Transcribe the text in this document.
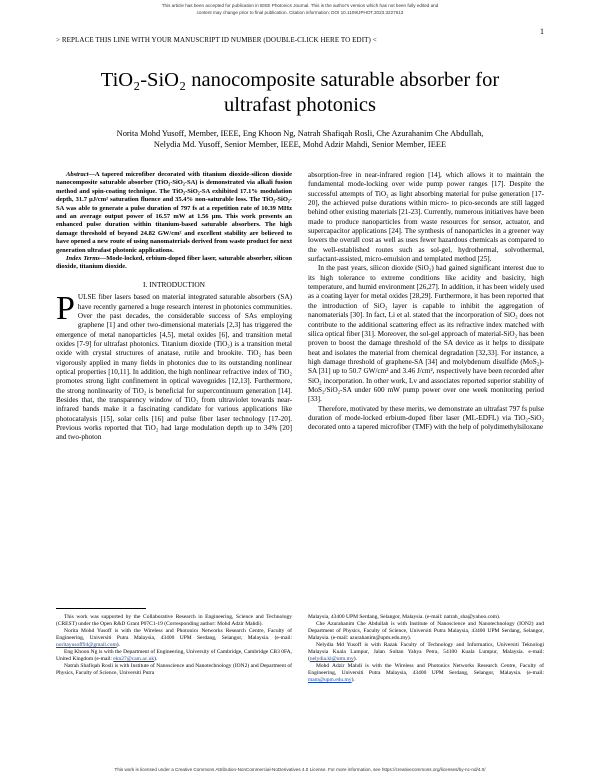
This article has been accepted for publication in IEEE Photonics Journal. This is the author's version which has not been fully edited and
content may change prior to final publication. Citation information: DOI 10.1109/JPHOT.2023.3227513
1
> REPLACE THIS LINE WITH YOUR MANUSCRIPT ID NUMBER (DOUBLE-CLICK HERE TO EDIT) <
TiO₂-SiO₂ nanocomposite saturable absorber for
ultrafast photonics
Norita Mohd Yusoff, Member, IEEE, Eng Khoon Ng, Natrah Shafiqah Rosli, Che Azurahanim Che Abdullah,
Nelydia Md. Yusoff, Senior Member, IEEE, Mohd Adzir Mahdi, Senior Member, IEEE

Abstract—A tapered microfiber decorated with titanium dioxide-silicon dioxide nanocomposite saturable absorber (TiO₂-SiO₂-SA) is demonstrated via alkali fusion method and spin-coating technique. The TiO₂-SiO₂-SA exhibited 17.1% modulation depth, 31.7 µJ/cm² saturation fluence and 35.4% non-saturable loss. The TiO₂-SiO₂-SA was able to generate a pulse duration of 797 fs at a repetition rate of 10.39 MHz and an average output power of 16.57 mW at 1.56 µm. This work presents an enhanced pulse duration within titanium-based saturable absorbers. The high damage threshold of beyond 24.82 GW/cm² and excellent stability are believed to have opened a new route of using nanomaterials derived from waste product for next generation ultrafast photonic applications.

Index Terms—Mode-locked, erbium-doped fiber laser, saturable absorber, silicon dioxide, titanium dioxide.

I. INTRODUCTION

PULSE fiber lasers based on material integrated saturable absorbers (SA) have recently garnered a huge research interest in photonics communities. Over the past decades, the considerable success of SAs employing graphene [1] and other two-dimensional materials [2,3] has triggered the emergence of metal nanoparticles [4,5], metal oxides [6], and transition metal oxides [7-9] for ultrafast photonics. Titanium dioxide (TiO₂) is a transition metal oxide with crystal structures of anatase, rutile and brookite. TiO₂ has been vigorously applied in many fields in photonics due to its outstanding nonlinear optical properties [10,11]. In addition, the high nonlinear refractive index of TiO₂ promotes strong light confinement in optical waveguides [12,13]. Furthermore, the strong nonlinearity of TiO₂ is beneficial for supercontinuum generation [14]. Besides that, the transparency window of TiO₂ from ultraviolet towards near-infrared bands make it a fascinating candidate for various applications like photocatalysis [15], solar cells [16] and pulse fiber laser technology [17-20]. Previous works reported that TiO₂ had large modulation depth up to 34% [20] and two-photon

absorption-free in near-infrared region [14], which allows it to maintain the fundamental mode-locking over wide pump power ranges [17]. Despite the successful attempts of TiO₂ as light absorbing material for pulse generation [17-20], the achieved pulse durations within micro- to pico-seconds are still lagged behind other existing materials [21-23]. Currently, numerous initiatives have been made to produce nanoparticles from waste resources for sensor, actuator, and supercapacitor applications [24]. The synthesis of nanoparticles in a greener way lowers the overall cost as well as uses fewer hazardous chemicals as compared to the well-established routes such as sol-gel, hydrothermal, solvothermal, surfactant-assisted, micro-emulsion and templated method [25].

In the past years, silicon dioxide (SiO₂) had gained significant interest due to its high tolerance to extreme conditions like acidity and basicity, high temperature, and humid environment [26,27]. In addition, it has been widely used as a coating layer for metal oxides [28,29]. Furthermore, it has been reported that the introduction of SiO₂ layer is capable to inhibit the aggregation of nanomaterials [30]. In fact, Li et al. stated that the incorporation of SiO₂ does not contribute to the additional scattering effect as its refractive index matched with silica optical fiber [31]. Moreover, the sol-gel approach of material-SiO₂ has been proven to boost the damage threshold of the SA device as it helps to dissipate heat and isolates the material from chemical degradation [32,33]. For instance, a high damage threshold of graphene-SA [34] and molybdenum disulfide (MoS₂)-SA [31] up to 50.7 GW/cm² and 3.46 J/cm², respectively have been recorded after SiO₂ incorporation. In other work, Lv and associates reported superior stability of MoS₂/SiO₂-SA under 600 mW pump power over one week monitoring period [33].

Therefore, motivated by these merits, we demonstrate an ultrafast 797 fs pulse duration of mode-locked erbium-doped fiber laser (ML-EDFL) via TiO₂-SiO₂ decorated onto a tapered microfiber (TMF) with the help of polydimethylsiloxane

This work was supported by the Collaborative Research in Engineering, Science and Technology (CREST) under the Open R&D Grant P07C1-19 (Corresponding author: Mohd Adzir Mahdi).

Norita Mohd Yusoff is with the Wireless and Photonics Networks Research Centre, Faculty of Engineering, Universiti Putra Malaysia, 43400 UPM Serdang, Selangor, Malaysia. (e-mail: noritayusoff94@gmail.com).

Eng Khoon Ng is with the Department of Engineering, University of Cambridge, Cambridge CB3 0FA, United Kingdom (e-mail: ekn27@cam.ac.uk).

Natrah Shafiqah Rosli is with Institute of Nanoscience and Nanotechnology (ION2) and Department of Physics, Faculty of Science, Universiti Putra

Malaysia, 43400 UPM Serdang, Selangor, Malaysia. (e-mail: natrah_sha@yahoo.com).

Che Azurahanim Che Abdullah is with Institute of Nanoscience and Nanotechnology (ION2) and Department of Physics, Faculty of Science, Universiti Putra Malaysia, 43400 UPM Serdang, Selangor, Malaysia. (e-mail: azurahanim@upm.edu.my).

Nelydia Md Yusoff is with Razak Faculty of Technology and Informatics, Universiti Teknologi Malaysia Kuala Lumpur, Jalan Sultan Yahya Petra, 54100 Kuala Lumpur, Malaysia. e-mail: (nelydia.kl@utm.my).

Mohd Adzir Mahdi is with the Wireless and Photonics Networks Research Centre, Faculty of Engineering, Universiti Putra Malaysia, 43400 UPM Serdang, Selangor, Malaysia. (e-mail: mam@upm.edu.my).

This work is licensed under a Creative Commons Attribution-NonCommercial-NoDerivatives 4.0 License. For more information, see https://creativecommons.org/licenses/by-nc-nd/4.0/
